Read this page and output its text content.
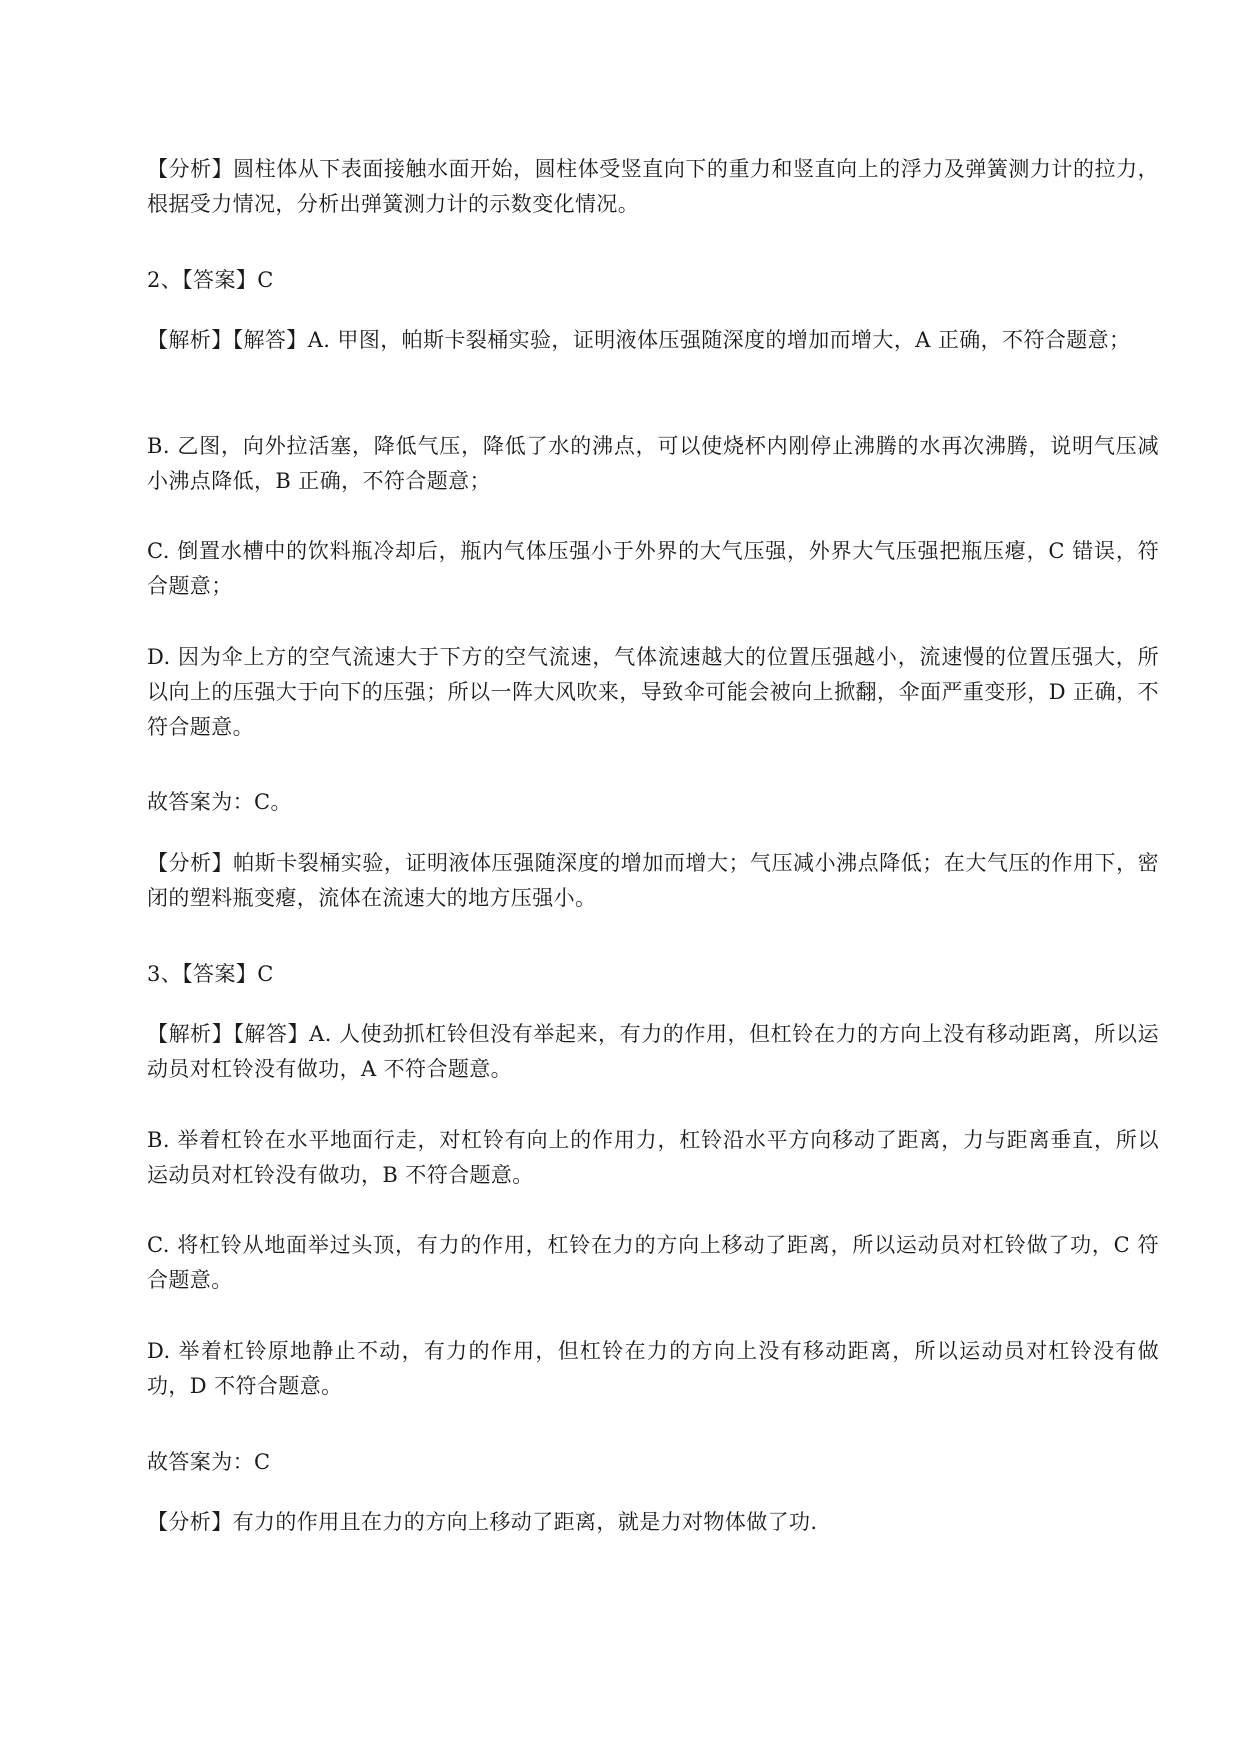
【分析】圆柱体从下表面接触水面开始，圆柱体受竖直向下的重力和竖直向上的浮力及弹簧测力计的拉力，根据受力情况，分析出弹簧测力计的示数变化情况。

2、【答案】C

【解析】【解答】A. 甲图，帕斯卡裂桶实验，证明液体压强随深度的增加而增大，A 正确，不符合题意；

B. 乙图，向外拉活塞，降低气压，降低了水的沸点，可以使烧杯内刚停止沸腾的水再次沸腾，说明气压减小沸点降低，B 正确，不符合题意；

C. 倒置水槽中的饮料瓶冷却后，瓶内气体压强小于外界的大气压强，外界大气压强把瓶压瘪，C 错误，符合题意；

D. 因为伞上方的空气流速大于下方的空气流速，气体流速越大的位置压强越小，流速慢的位置压强大，所以向上的压强大于向下的压强；所以一阵大风吹来，导致伞可能会被向上掀翻，伞面严重变形，D 正确，不符合题意。

故答案为：C。

【分析】帕斯卡裂桶实验，证明液体压强随深度的增加而增大；气压减小沸点降低；在大气压的作用下，密闭的塑料瓶变瘪，流体在流速大的地方压强小。

3、【答案】C

【解析】【解答】A. 人使劲抓杠铃但没有举起来，有力的作用，但杠铃在力的方向上没有移动距离，所以运动员对杠铃没有做功，A 不符合题意。

B. 举着杠铃在水平地面行走，对杠铃有向上的作用力，杠铃沿水平方向移动了距离，力与距离垂直，所以运动员对杠铃没有做功，B 不符合题意。

C. 将杠铃从地面举过头顶，有力的作用，杠铃在力的方向上移动了距离，所以运动员对杠铃做了功，C 符合题意。

D. 举着杠铃原地静止不动，有力的作用，但杠铃在力的方向上没有移动距离，所以运动员对杠铃没有做功，D 不符合题意。

故答案为：C

【分析】有力的作用且在力的方向上移动了距离，就是力对物体做了功.
